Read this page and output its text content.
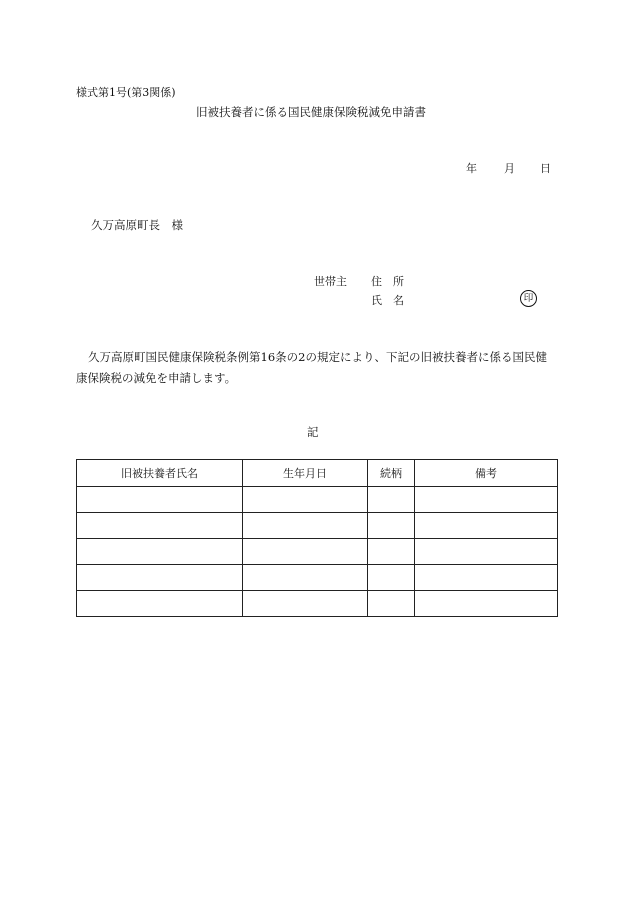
様式第1号(第3関係)
旧被扶養者に係る国民健康保険税減免申請書
年 月 日
久万高原町長　様
世帯主 住　所
氏　名	印
久万高原町国民健康保険税条例第16条の2の規定により、下記の旧被扶養者に係る国民健康保険税の減免を申請します。
記
旧被扶養者氏名	生年月日	続柄	備考
